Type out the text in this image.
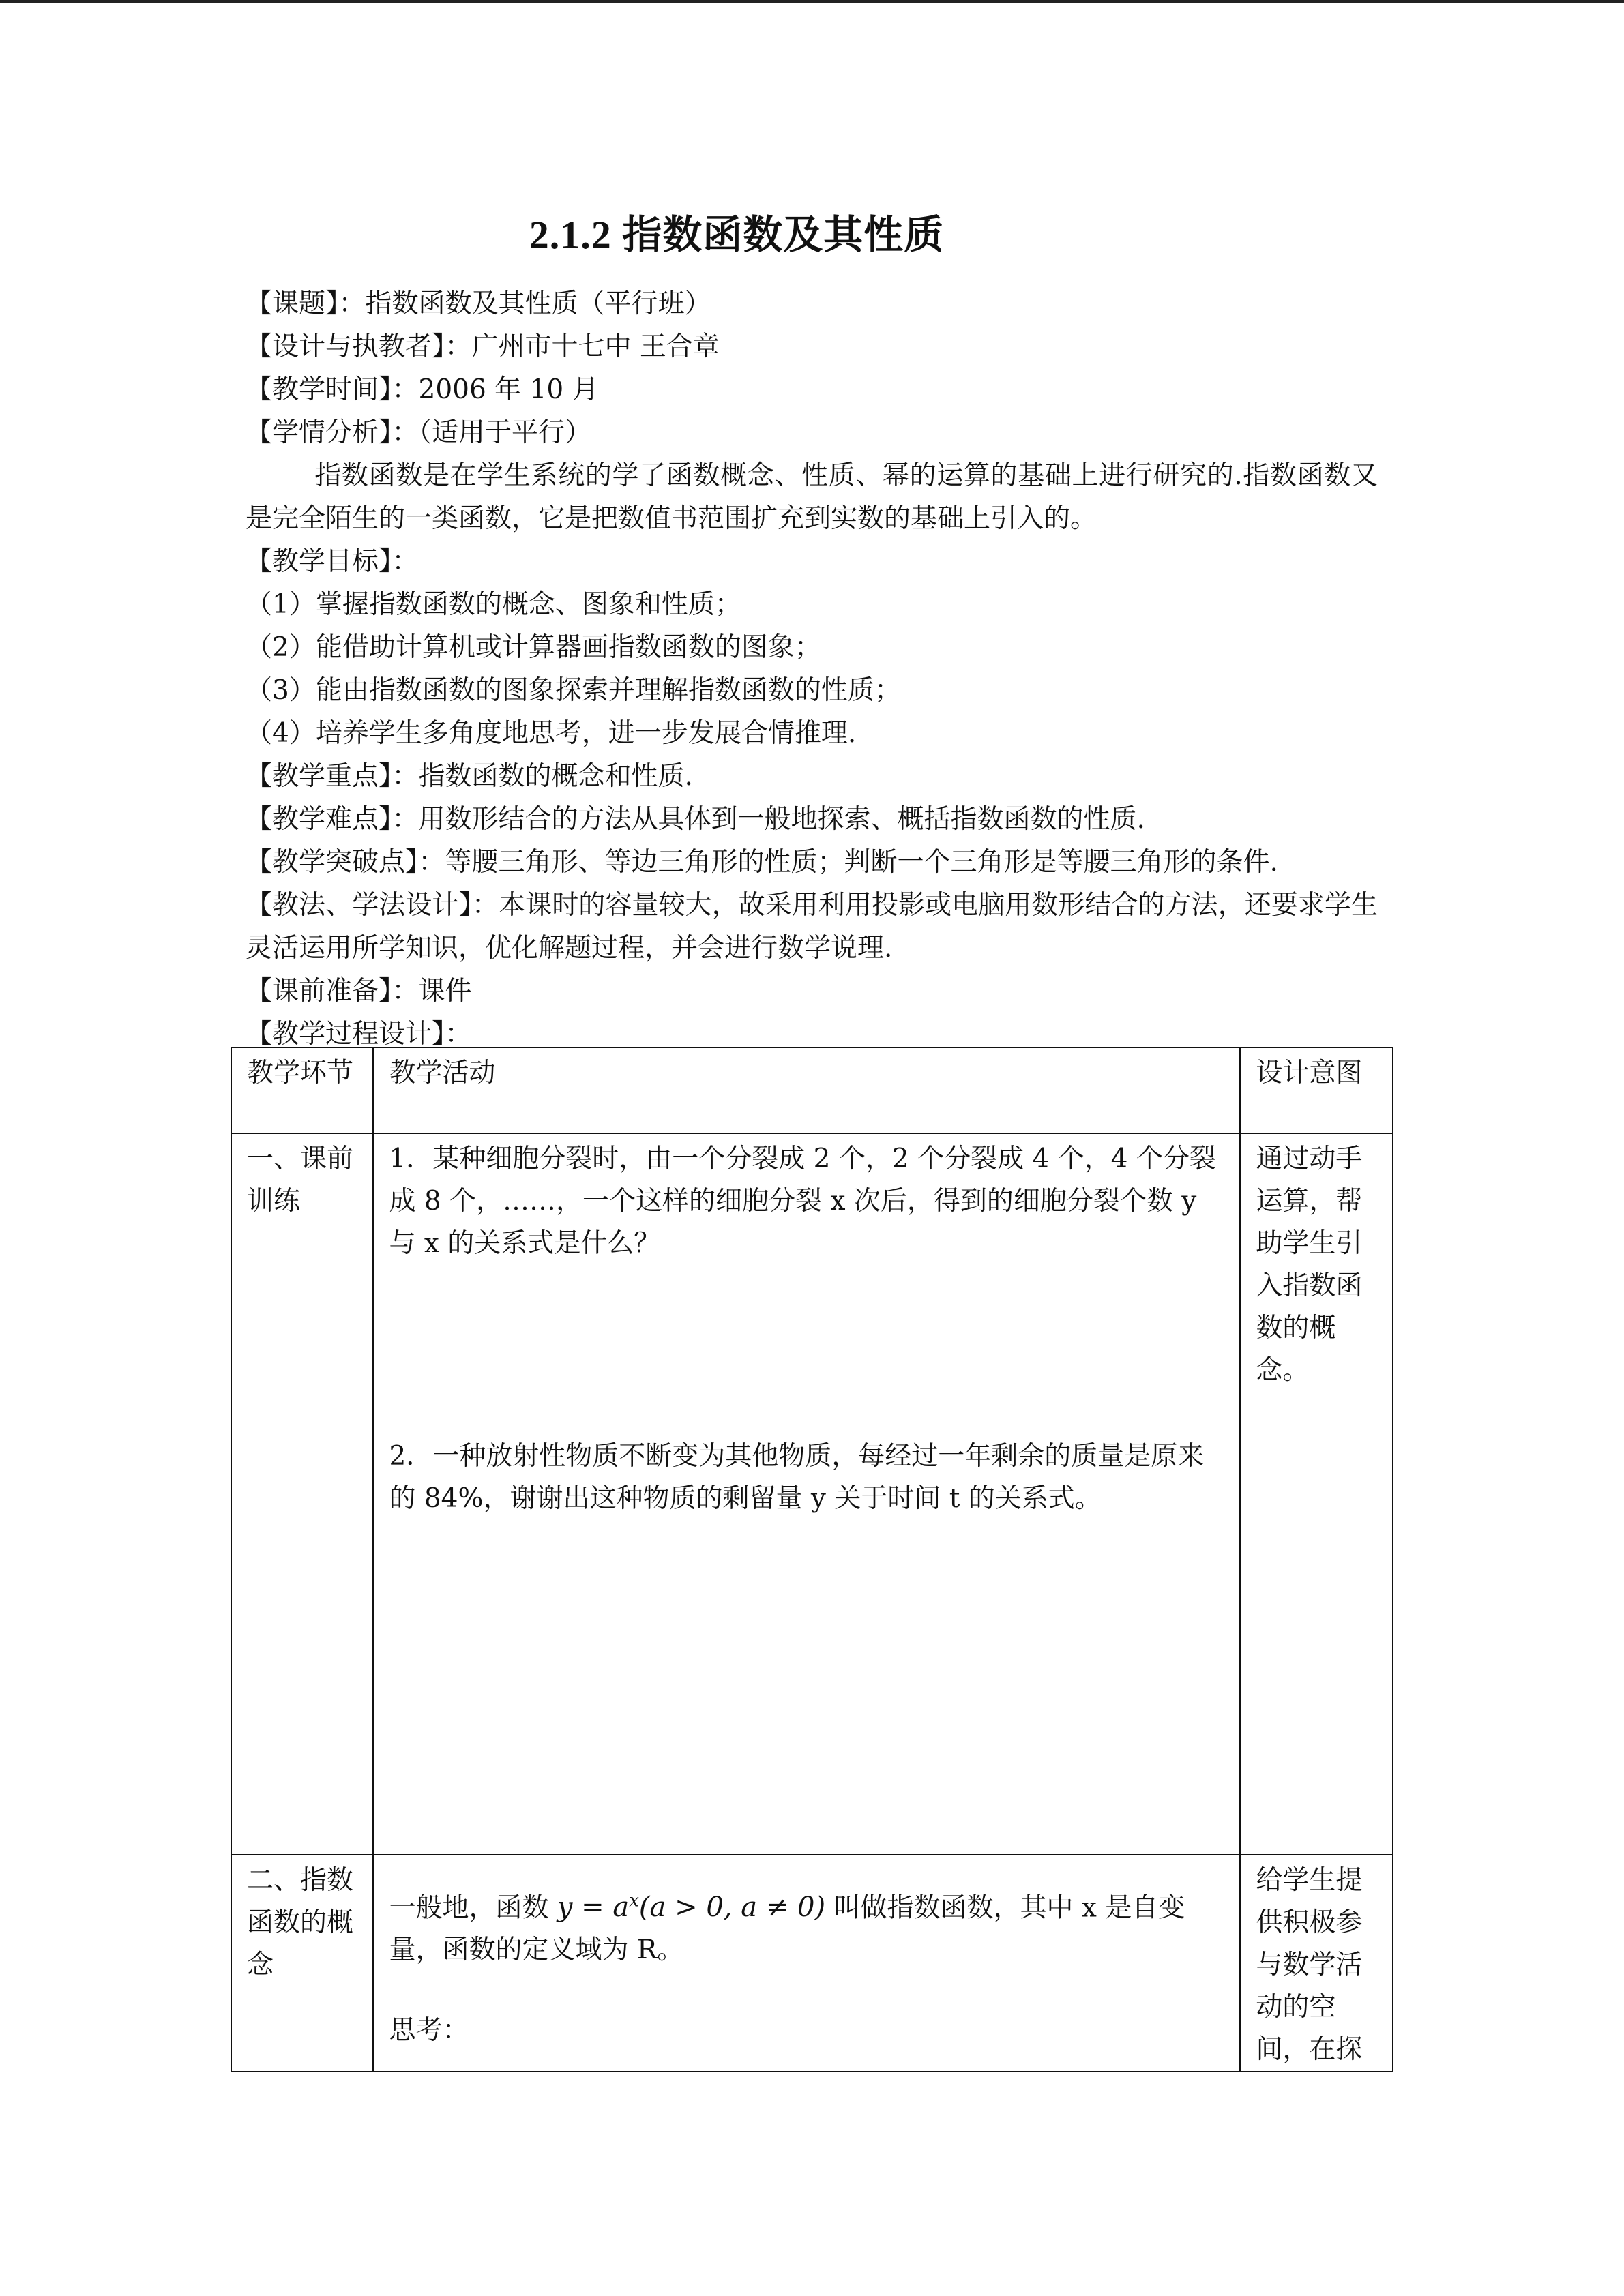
2.1.2 指数函数及其性质
【课题】：指数函数及其性质（平行班）
【设计与执教者】：广州市十七中 王合章
【教学时间】：2006 年 10 月
【学情分析】：（适用于平行）
指数函数是在学生系统的学了函数概念、性质、幂的运算的基础上进行研究的.指数函数又是完全陌生的一类函数，它是把数值书范围扩充到实数的基础上引入的。
【教学目标】：
（1）掌握指数函数的概念、图象和性质；
（2）能借助计算机或计算器画指数函数的图象；
（3）能由指数函数的图象探索并理解指数函数的性质；
（4）培养学生多角度地思考，进一步发展合情推理.
【教学重点】：指数函数的概念和性质.
【教学难点】：用数形结合的方法从具体到一般地探索、概括指数函数的性质.
【教学突破点】：等腰三角形、等边三角形的性质；判断一个三角形是等腰三角形的条件.
【教法、学法设计】：本课时的容量较大，故采用利用投影或电脑用数形结合的方法，还要求学生灵活运用所学知识，优化解题过程，并会进行数学说理.
【课前准备】：课件
【教学过程设计】：
教学环节	教学活动	设计意图
一、课前训练	1．某种细胞分裂时，由一个分裂成 2 个，2 个分裂成 4 个，4 个分裂成 8 个，……，一个这样的细胞分裂 x 次后，得到的细胞分裂个数 y 与 x 的关系式是什么？
2．一种放射性物质不断变为其他物质，每经过一年剩余的质量是原来的 84%，谢谢出这种物质的剩留量 y 关于时间 t 的关系式。	通过动手运算，帮助学生引入指数函数的概念。
二、指数函数的概念	一般地，函数 $y = a^x(a > 0$, a ≠ 0) 叫做指数函数，其中 x 是自变量，函数的定义域为 R。
思考：	给学生提供积极参与数学活动的空间，在探
